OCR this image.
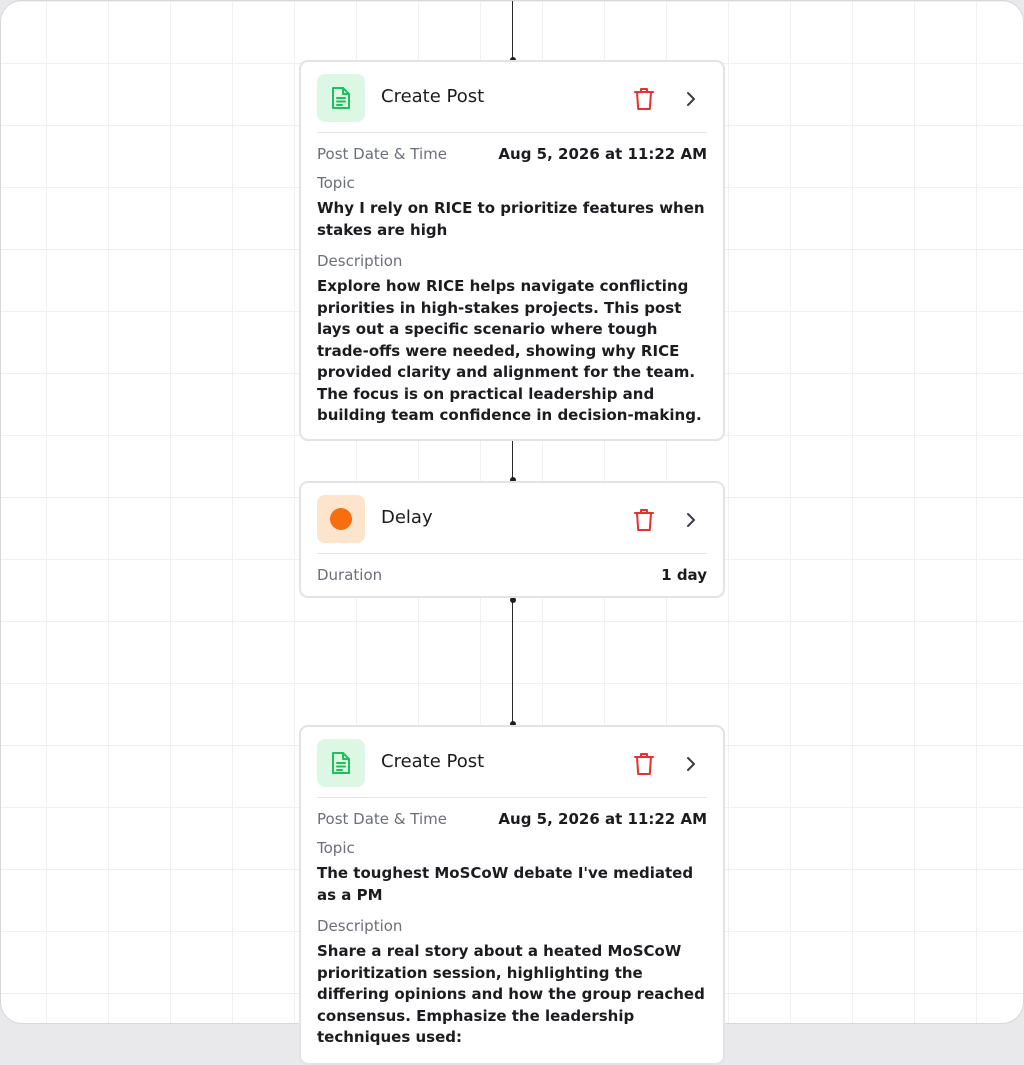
Create Post
Post Date & Time	Aug 5, 2026 at 11:22 AM
Topic
Why I rely on RICE to prioritize features when stakes are high
Description
Explore how RICE helps navigate conflicting priorities in high-stakes projects. This post lays out a specific scenario where tough trade-offs were needed, showing why RICE provided clarity and alignment for the team. The focus is on practical leadership and building team confidence in decision-making.
Delay
Duration	1 day
Create Post
Post Date & Time	Aug 5, 2026 at 11:22 AM
Topic
The toughest MoSCoW debate I've mediated as a PM
Description
Share a real story about a heated MoSCoW prioritization session, highlighting the differing opinions and how the group reached consensus. Emphasize the leadership techniques used:
